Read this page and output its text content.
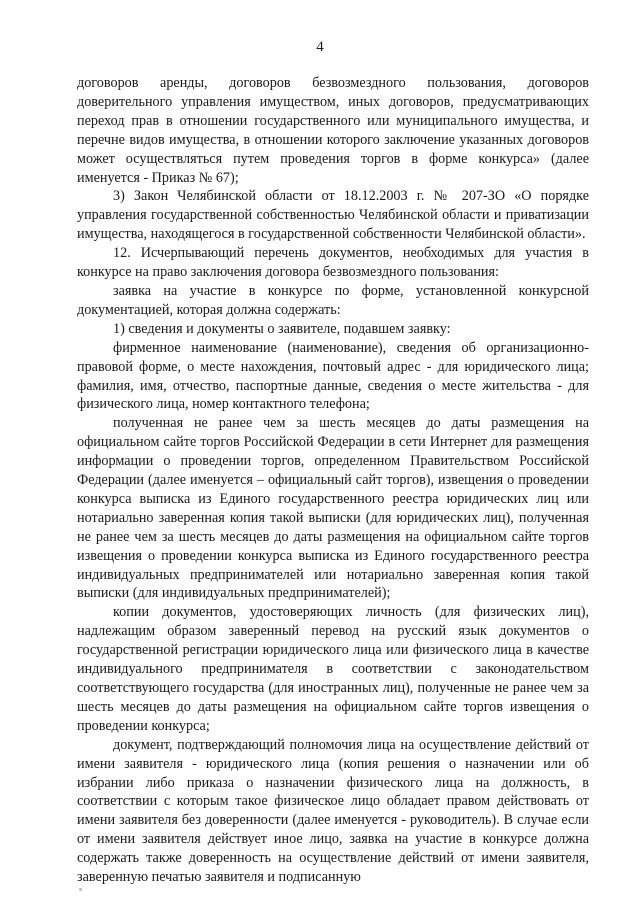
4

договоров аренды, договоров безвозмездного пользования, договоров доверительного управления имуществом, иных договоров, предусматривающих переход прав в отношении государственного или муниципального имущества, и перечне видов имущества, в отношении которого заключение указанных договоров может осуществляться путем проведения торгов в форме конкурса» (далее именуется - Приказ № 67);

3) Закон Челябинской области от 18.12.2003 г. № 207-ЗО «О порядке управления государственной собственностью Челябинской области и приватизации имущества, находящегося в государственной собственности Челябинской области».

12. Исчерпывающий перечень документов, необходимых для участия в конкурсе на право заключения договора безвозмездного пользования:

заявка на участие в конкурсе по форме, установленной конкурсной документацией, которая должна содержать:

1) сведения и документы о заявителе, подавшем заявку:

фирменное наименование (наименование), сведения об организационно-правовой форме, о месте нахождения, почтовый адрес - для юридического лица; фамилия, имя, отчество, паспортные данные, сведения о месте жительства - для физического лица, номер контактного телефона;

полученная не ранее чем за шесть месяцев до даты размещения на официальном сайте торгов Российской Федерации в сети Интернет для размещения информации о проведении торгов, определенном Правительством Российской Федерации (далее именуется – официальный сайт торгов), извещения о проведении конкурса выписка из Единого государственного реестра юридических лиц или нотариально заверенная копия такой выписки (для юридических лиц), полученная не ранее чем за шесть месяцев до даты размещения на официальном сайте торгов извещения о проведении конкурса выписка из Единого государственного реестра индивидуальных предпринимателей или нотариально заверенная копия такой выписки (для индивидуальных предпринимателей);

копии документов, удостоверяющих личность (для физических лиц), надлежащим образом заверенный перевод на русский язык документов о государственной регистрации юридического лица или физического лица в качестве индивидуального предпринимателя в соответствии с законодательством соответствующего государства (для иностранных лиц), полученные не ранее чем за шесть месяцев до даты размещения на официальном сайте торгов извещения о проведении конкурса;

документ, подтверждающий полномочия лица на осуществление действий от имени заявителя - юридического лица (копия решения о назначении или об избрании либо приказа о назначении физического лица на должность, в соответствии с которым такое физическое лицо обладает правом действовать от имени заявителя без доверенности (далее именуется - руководитель). В случае если от имени заявителя действует иное лицо, заявка на участие в конкурсе должна содержать также доверенность на осуществление действий от имени заявителя, заверенную печатью заявителя и подписанную
